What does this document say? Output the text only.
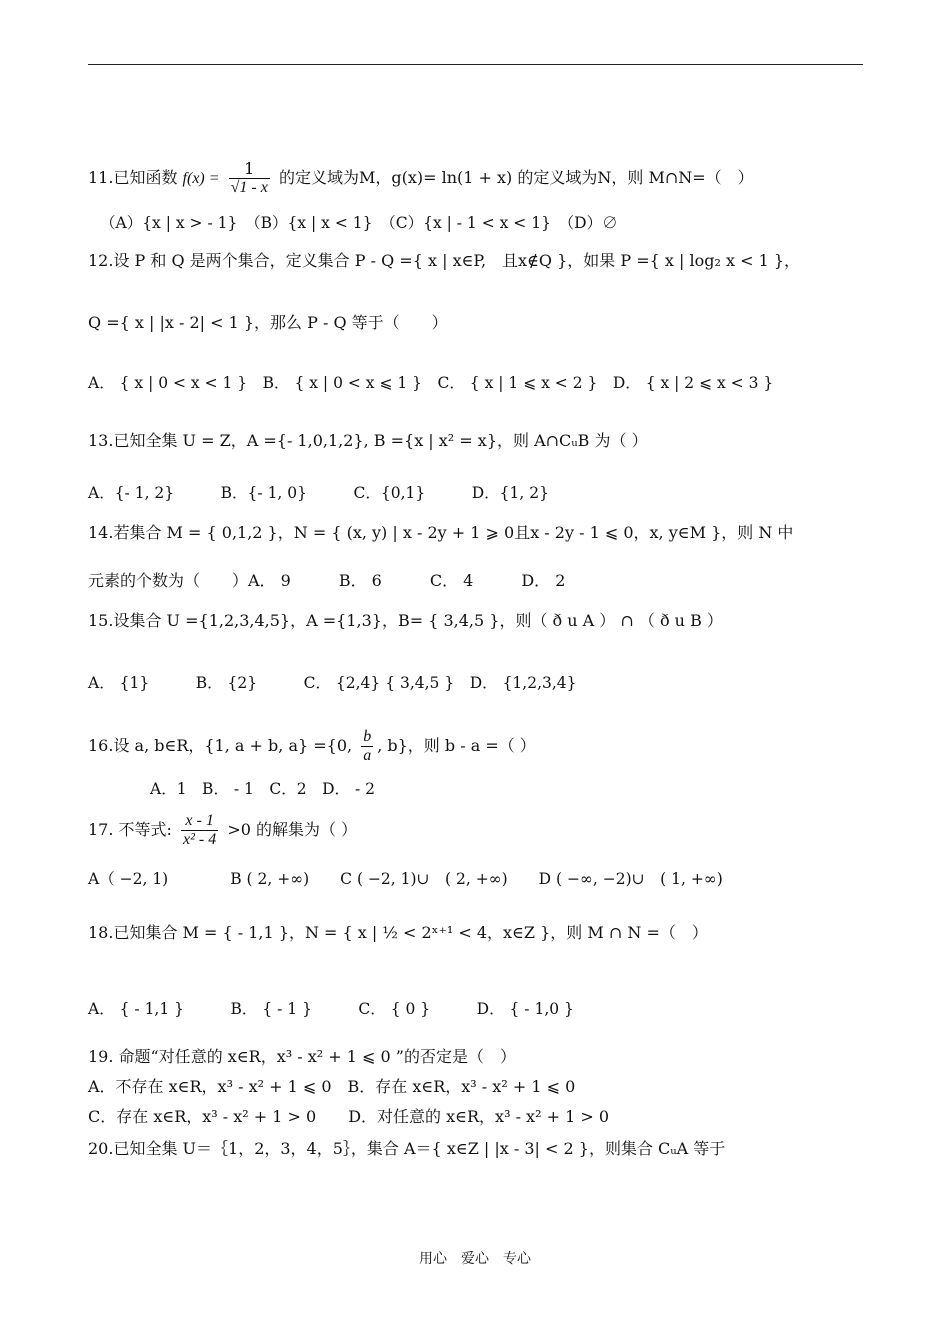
11.已知函数 $f(x) = \frac{1}{√1 - x}$ 的定义域为M，g(x)= ln(1 + x) 的定义域为N，则 M∩N=（　）
（A）{x | x > - 1}　（B）{x | x < 1}　（C）{x | - 1 < x < 1}　（D）∅
12.设 P 和 Q 是两个集合，定义集合 P - Q ={ x | x∈P,　且x∉Q }，如果 P ={ x | log₂ x < 1 }，
Q ={ x | |x - 2| < 1 }，那么 P - Q 等于（　　）
A． { x | 0 < x < 1 }　B． { x | 0 < x ⩽ 1 }　C． { x | 1 ⩽ x < 2 }　D． { x | 2 ⩽ x < 3 }
13.已知全集 U = Z，A ={- 1,0,1,2}, B ={x | x² = x}，则 A∩CᵤB 为（ ）
A．{- 1, 2}　　　B．{- 1, 0}　　　C．{0,1}　　　D．{1, 2}
14.若集合 M = { 0,1,2 }，N = { (x, y) | x - 2y + 1 ⩾ 0且x - 2y - 1 ⩽ 0，x, y∈M }，则 N 中
元素的个数为（　　）A． 9　　　B． 6　　　C． 4　　　D． 2
15.设集合 U ={1,2,3,4,5}，A ={1,3}，B= { 3,4,5 }，则（ ð u A ） ∩ （ ð u B ）
A． {1}　　　B． {2}　　　C． {2,4} { 3,4,5 }　D． {1,2,3,4}
16.设 a, b∈R，{1, a + b, a} ={0, $\frac{b}{a}$ , b}，则 b - a =（ ）
A．1　B． - 1　C．2　D． - 2
17. 不等式: $\frac{x - 1}{\text{x² - 4}} >0$ 的解集为（ ）
A（ −2, 1)　　　　B ( 2, +∞)　　C ( −2, 1)∪　( 2, +∞)　　D ( −∞, −2)∪　( 1, +∞)
18.已知集合 M = { - 1,1 }，N = { x | ½ < 2ˣ⁺¹ < 4，x∈Z }，则 M ∩ N =（　）
A． { - 1,1 }　　　B． { - 1 }　　　C． { 0 }　　　D． { - 1,0 }
19. 命题“对任意的 x∈R，x³ - x² + 1 ⩽ 0 ”的否定是（　）
A．不存在 x∈R，x³ - x² + 1 ⩽ 0　B．存在 x∈R，x³ - x² + 1 ⩽ 0
C．存在 x∈R，x³ - x² + 1 > 0　　D．对任意的 x∈R，x³ - x² + 1 > 0
20.已知全集 U＝｛1，2，3，4，5｝，集合 A＝{ x∈Z | |x - 3| < 2 }，则集合 CᵤA 等于
用心　爱心　专心
